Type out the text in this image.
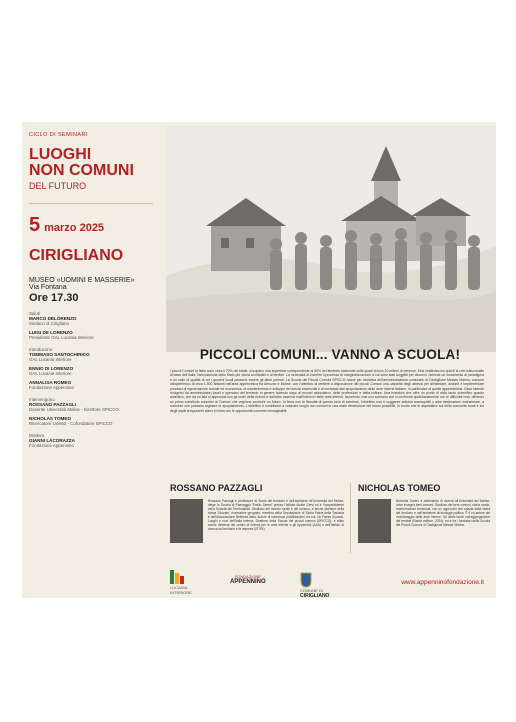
CICLO DI SEMINARI
LUOGHI
NON COMUNI
DEL FUTURO
5 marzo 2025
CIRIGLIANO
MUSEO «UOMINI E MASSERIE»
Via Fontana
Ore 17.30
Saluti
MARCO DELORENZO
Sindaco di Cirigliano
LUIGI DE LORENZO
Presidente GAL Lucania Interiore
Introducono
TOMMASO SANTOCHIRICO
GAL Lucania Interiore
ENNIO DI LORENZO
GAL Lucania Interiore
ANNALISA ROMEO
Fondazione Appennino
Intervengono
ROSSANO PAZZAGLI
Docente Università Molise - Direttore SPICCO
NICHOLAS TOMEO
Ricercatore UniMol - Cofondatore SPICCO
Modera
GIANNI LACORAZZA
Fondazione Appennino
PICCOLI COMUNI... VANNO A SCUOLA!
I piccoli Comuni in Italia sono circa il 70% del totale, occupano una superficie corrispondente al 60% del territorio nazionale sulla quale vivono 10 milioni di persone. Essi costituiscono quindi la rete istituzionale di base dell'Italia, l'articolazione dello Stato più vicina ai cittadini e ai territori. La necessità di invertire il processo di marginalizzazione a cui sono stati soggetti per decenni, richiede un mutamento di paradigma e un salto di qualità di cui i governi locali possono essere gli attori primari. La Scuola dei Piccoli Comuni SPICCO nasce per iniziativa dell'amministrazione comunale di Castiglione Messer Marino, comune ultraperiferico di circa 1.500 abitanti nell'area appenninica fra Abruzzo e Molise, con l'obiettivo di mettere a disposizione dei piccoli Comuni una cassetta degli attrezzi per alimentare, avviare e implementare processi di rigenerazione sociale ed economica, di mantenimento e sviluppo dei servizi essenziali e di contrasto allo spopolamento delle aree interne italiane, in particolare di quelle appenniniche. Essa intende rivolgersi ad amministratori locali e operatori del territorio in genere facendo capo al mondo associativo, delle professioni e della cultura. Una iniziativa che offre un punto di vista tanto scientifico quanto autentico, che da un lato si approccia con gli occhi della ricerca e dall'altro osserva «dall'interno» delle aree interne, favorendo così uno scenario che si confronta quotidianamente con le difficoltà reali, offrendo un primo contributo concreto ai Comuni che vogliono costruire un futuro. In linea con la filosofia di questo ciclo di seminari, l'obiettivo non è suggerire antidoti cosmopoliti o altre destinazioni mainstream, a soluzioni che possano arginare lo spopolamento. L'obiettivo è contribuire a costruire luoghi non comuni in una reale dimensione del futuro possibile, in modo che le aspettative sui della comunità locali e sui degli ospiti temporanei siano in linea con le opportunità concrete immaginabili.
ROSSANO PAZZAGLI
Rossano Pazzagli è professore di Storia del territorio e dell'ambiente all'Università del Molise, dirige la Scuola di Paesaggio 'Emilio Sereni' presso l'Istituto Alcide Cervi ed è Vicepresidente della Società dei Territorialisti. Studioso del mondo rurale e del turismo, è anche direttore della rivista 'Glocale', ricercatore geografo, membro della Deputazione di Storia Patria della Toscana e dell'Associazione Bellezza Italia. Autore di numerose pubblicazioni, fra cui: Un Paese di paesi. Luoghi e voci dell'Italia interna. Direttore della Scuola dei piccoli comuni (SPICCO), è stato anche direttore del centro di ricerca per le aree interne e gli Appennini (ArIA) e dell'Istituto di ricerca sul territorio e le imprese (ISTRI).
NICHOLAS TOMEO
Nicholas Tomeo è dottorando di ricerca all'Università del Molise, dove insegna beni comuni. Studioso dei beni comuni, storia rurale, trasformazioni territoriali, con un approccio che spazia dalla storia del territorio e dell'ambiente all'ecologia politica. È il co-autore del monitoraggio delle aree interne. Gli ultimi lavori sull'aggregazione dei territori (Radici editore, 2024), ed è fra i fondatori della Scuola dei Piccoli Comuni di Castiglione Messer Marino.
LUCANIA INTERIORE
FONDAZIONE
APPENNINO
COMUNE DI
CIRIGLIANO
www.appenninofondazione.it
